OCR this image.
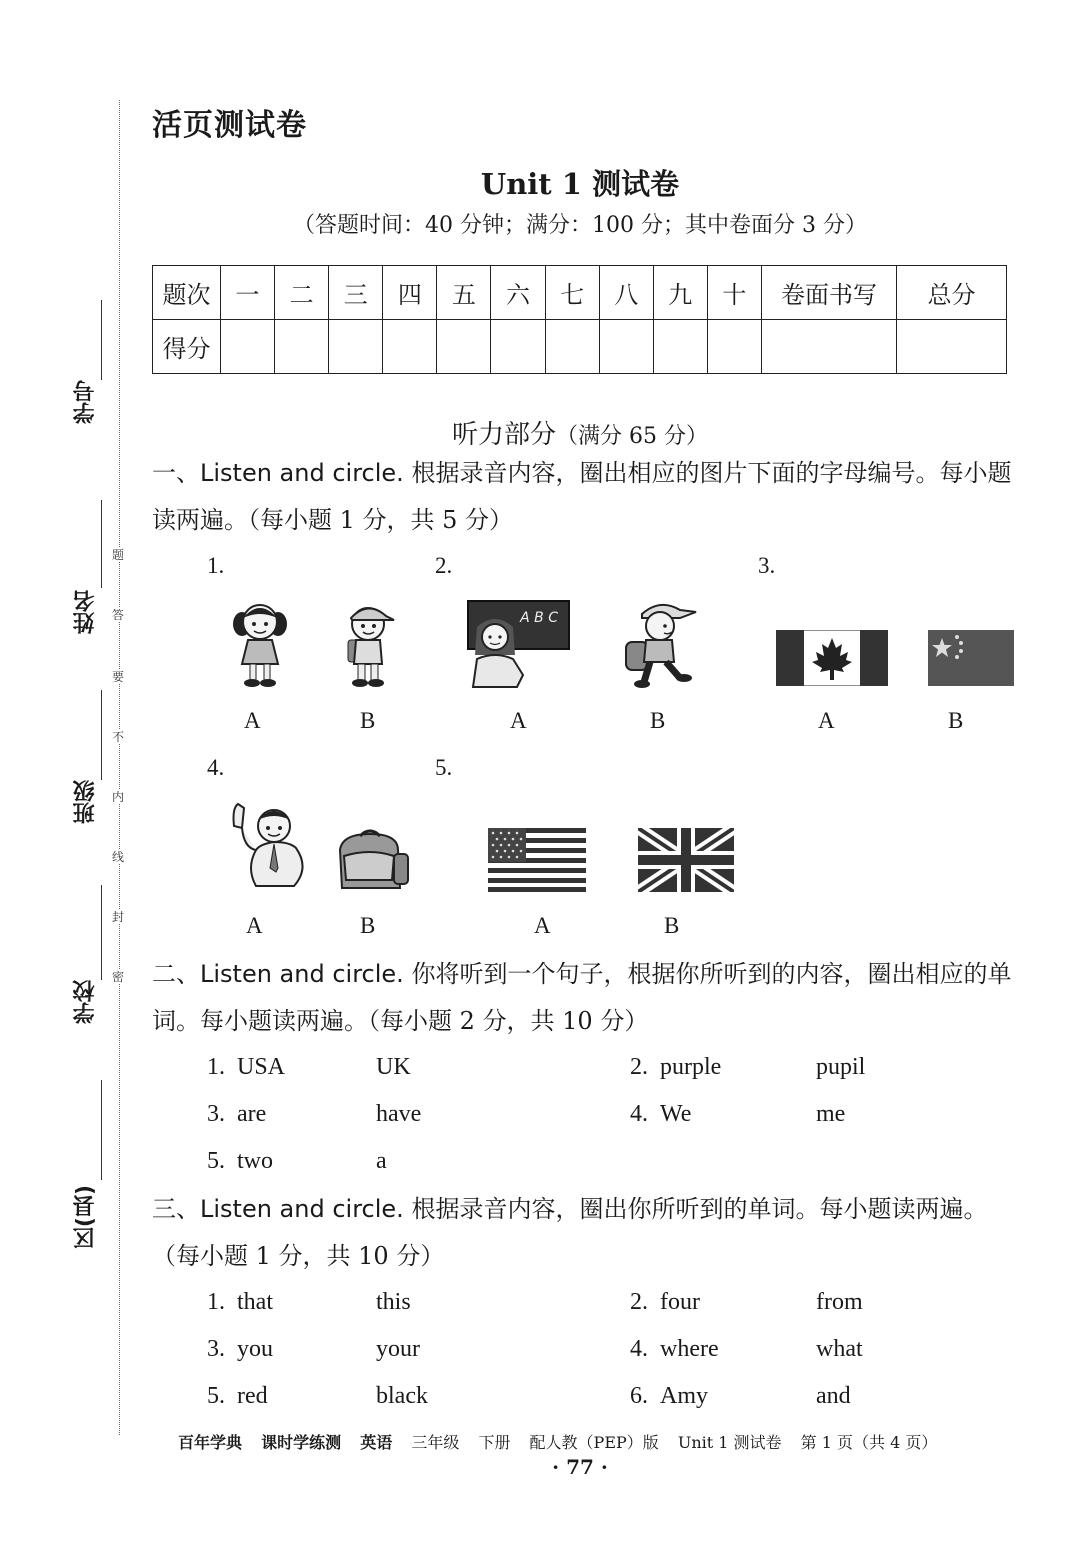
学号
姓名
班级
学校
区(县)
题
答
要
不
内
线
封
密
活页测试卷
Unit 1 测试卷
（答题时间：40 分钟；满分：100 分；其中卷面分 3 分）
题次	一	二	三	四	五	六	七	八	九	十	卷面书写	总分
得分												
听力部分（满分 65 分）
一、Listen and circle. 根据录音内容，圈出相应的图片下面的字母编号。每小题读两遍。（每小题 1 分，共 5 分）
1.	2.	3.
A B C
A	B	A	B	A	B
4.	5.
A	B	A	B
二、Listen and circle. 你将听到一个句子，根据你所听到的内容，圈出相应的单词。每小题读两遍。（每小题 2 分，共 10 分）
1. USA	UK	2. purple	pupil
3. are	have	4. We	me
5. two	a
三、Listen and circle. 根据录音内容，圈出你所听到的单词。每小题读两遍。（每小题 1 分，共 10 分）
1. that	this	2. four	from
3. you	your	4. where	what
5. red	black	6. Amy	and
百年学典 课时学练测 英语 三年级 下册 配人教（PEP）版 Unit 1 测试卷 第 1 页（共 4 页）
· 77 ·
